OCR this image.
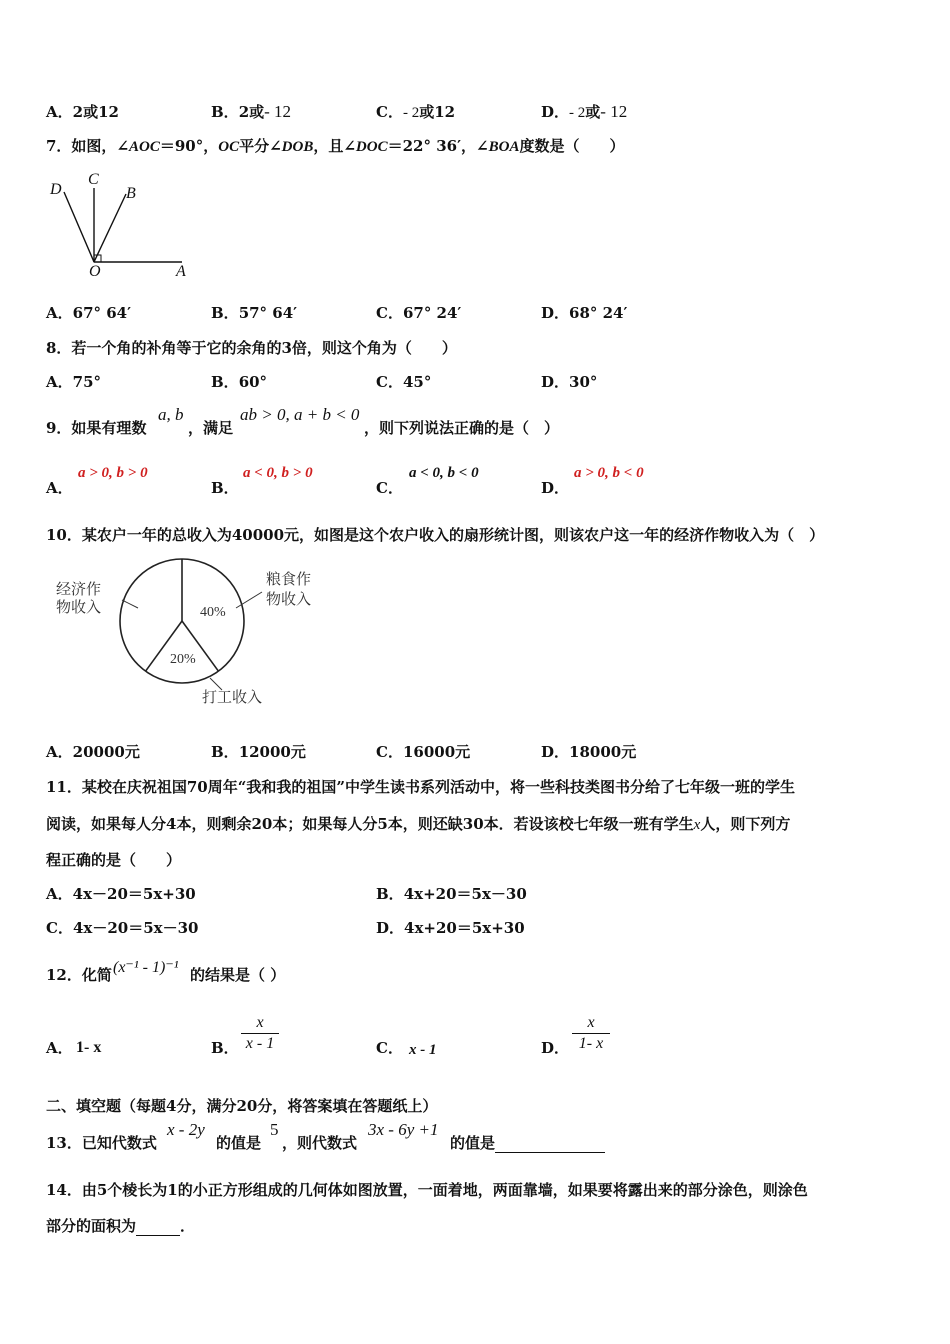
A．2或12	B．2或- 12	C．- 2或12	D．- 2或- 12
7．如图，∠AOC＝90°，OC平分∠DOB，且∠DOC＝22° 36′，∠BOA度数是（　　）
D
C
B
O	A
A．67° 64′	B．57° 64′	C．67° 24′	D．68° 24′
8．若一个角的补角等于它的余角的3倍，则这个角为（　　）
A．75°	B．60°	C．45°	D．30°
9．如果有理数
a, b
，满足
ab > 0, a + b < 0
，则下列说法正确的是（　）
A．
a > 0, b > 0
B．
a < 0, b > 0
C．
a < 0, b < 0
D．
a > 0, b < 0
10．某农户一年的总收入为40000元，如图是这个农户收入的扇形统计图，则该农户这一年的经济作物收入为（　）
经济作
物收入
粮食作
物收入
打工收入
40%
20%
A．20000元	B．12000元	C．16000元	D．18000元
11．某校在庆祝祖国70周年“我和我的祖国”中学生读书系列活动中，将一些科技类图书分给了七年级一班的学生
阅读，如果每人分4本，则剩余20本；如果每人分5本，则还缺30本．若设该校七年级一班有学生x人，则下列方
程正确的是（　　）
A．4x－20＝5x+30	B．4x+20＝5x－30
C．4x－20＝5x－30	D．4x+20＝5x+30
12．化简 (x⁻¹ - 1)⁻¹ 的结果是（ ）
A． 1- x	B． $\frac{x}{x - 1}$	C． x - 1	D． $\frac{x}{1- x}$
二、填空题（每题4分，满分20分，将答案填在答题纸上）
13．已知代数式
x - 2y
的值是
5
，则代数式
3x - 6y +1
的值是
14．由5个棱长为1的小正方形组成的几何体如图放置，一面着地，两面靠墙，如果要将露出来的部分涂色，则涂色
部分的面积为	．
